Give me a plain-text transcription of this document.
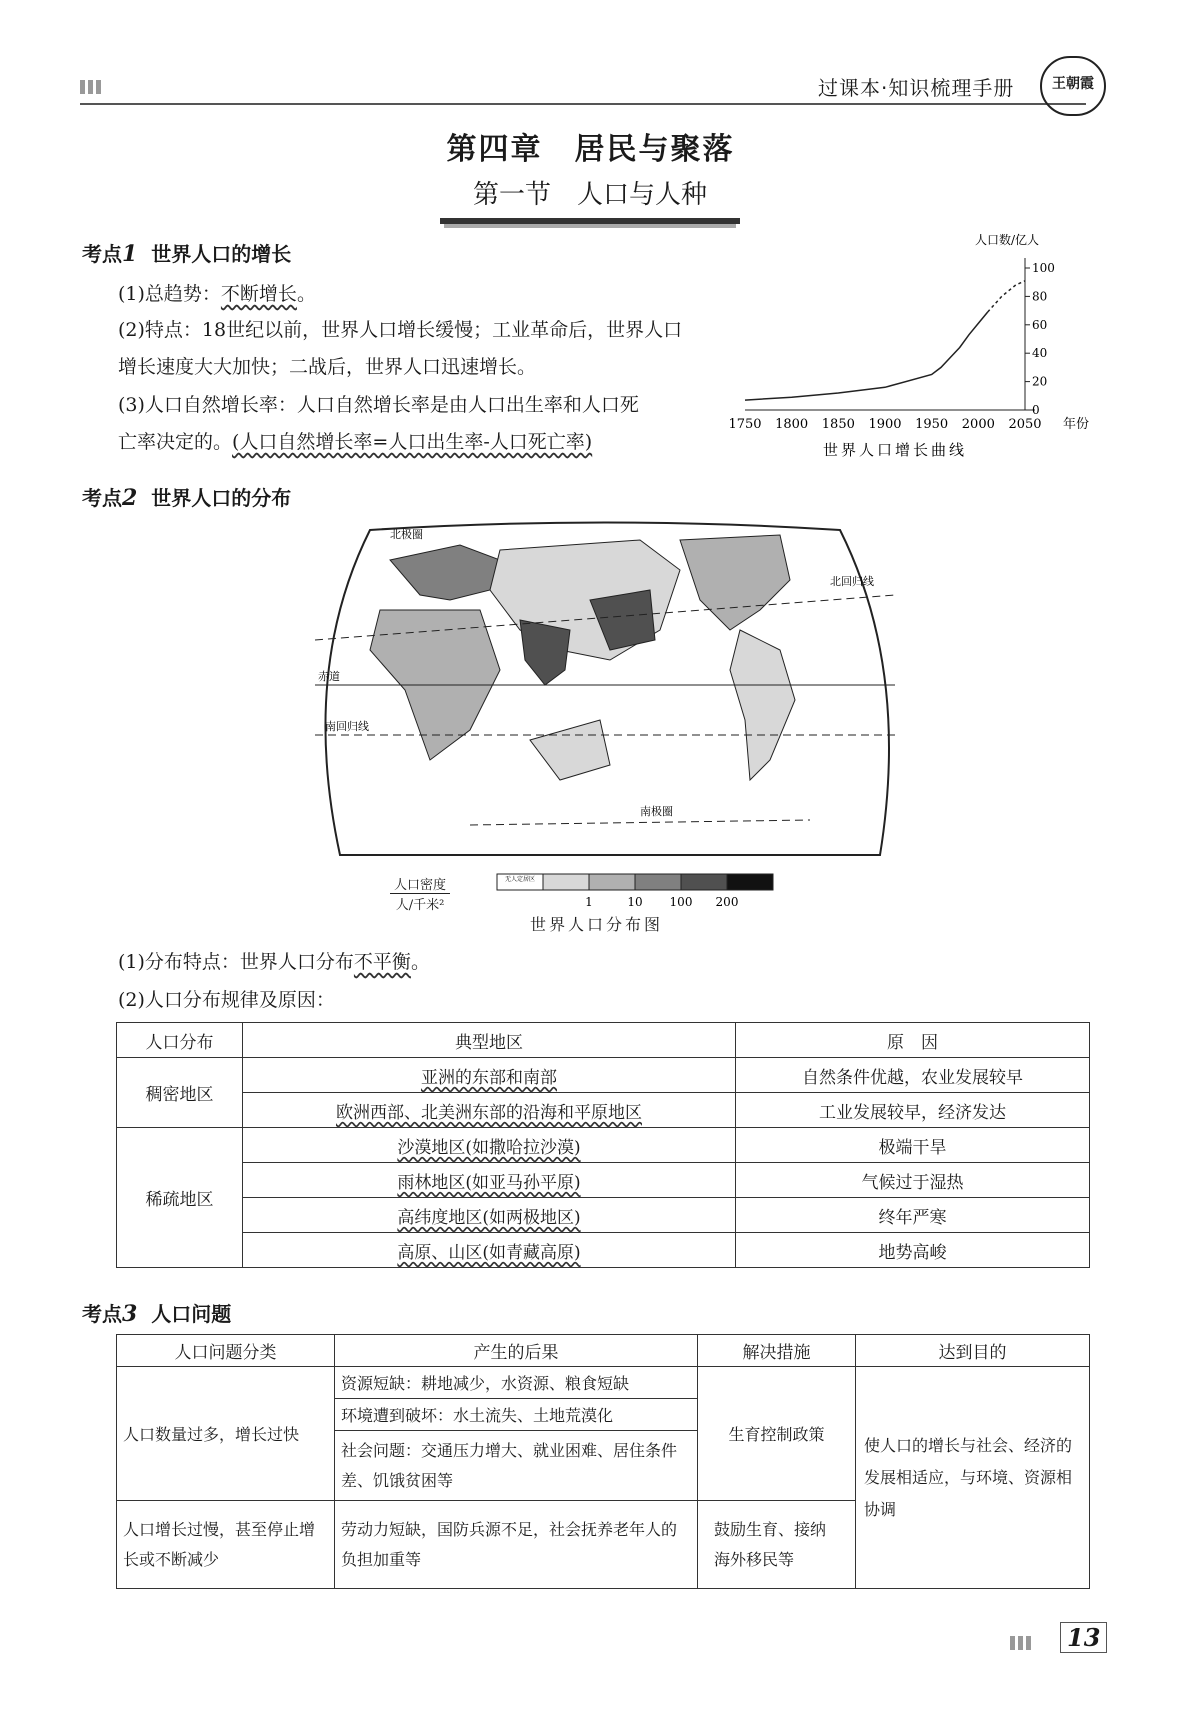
过课本·知识梳理手册	王朝霞
第四章　居民与聚落
第一节　人口与人种
考点1 世界人口的增长
(1)总趋势：不断增长。
(2)特点：18世纪以前，世界人口增长缓慢；工业革命后，世界人口
增长速度大大加快；二战后，世界人口迅速增长。
(3)人口自然增长率：人口自然增长率是由人口出生率和人口死
亡率决定的。(人口自然增长率=人口出生率-人口死亡率)
0
20
40
60
80
100
1750 1800 1850 1900 1950 2000 2050 年份
人口数/亿人
世界人口增长曲线
考点2 世界人口的分布
北极圈
北回归线
赤道
南回归线
南极圈
人口密度
人/千米²
无人定居区
1	10 100 200
世界人口分布图
(1)分布特点：世界人口分布不平衡。
(2)人口分布规律及原因：
人口分布	典型地区	原　因
稠密地区	亚洲的东部和南部	自然条件优越，农业发展较早
	欧洲西部、北美洲东部的沿海和平原地区	工业发展较早，经济发达
稀疏地区	沙漠地区(如撒哈拉沙漠)	极端干旱
	雨林地区(如亚马孙平原)	气候过于湿热
	高纬度地区(如两极地区)	终年严寒
	高原、山区(如青藏高原)	地势高峻
考点3 人口问题
人口问题分类	产生的后果	解决措施	达到目的
人口数量过多，增长过快	资源短缺：耕地减少，水资源、粮食短缺	生育控制政策	使人口的增长与社会、经济的发展相适应，与环境、资源相协调
	环境遭到破坏：水土流失、土地荒漠化		
	社会问题：交通压力增大、就业困难、居住条件差、饥饿贫困等		
人口增长过慢，甚至停止增长或不断减少	劳动力短缺，国防兵源不足，社会抚养老年人的负担加重等	鼓励生育、接纳海外移民等	
13
